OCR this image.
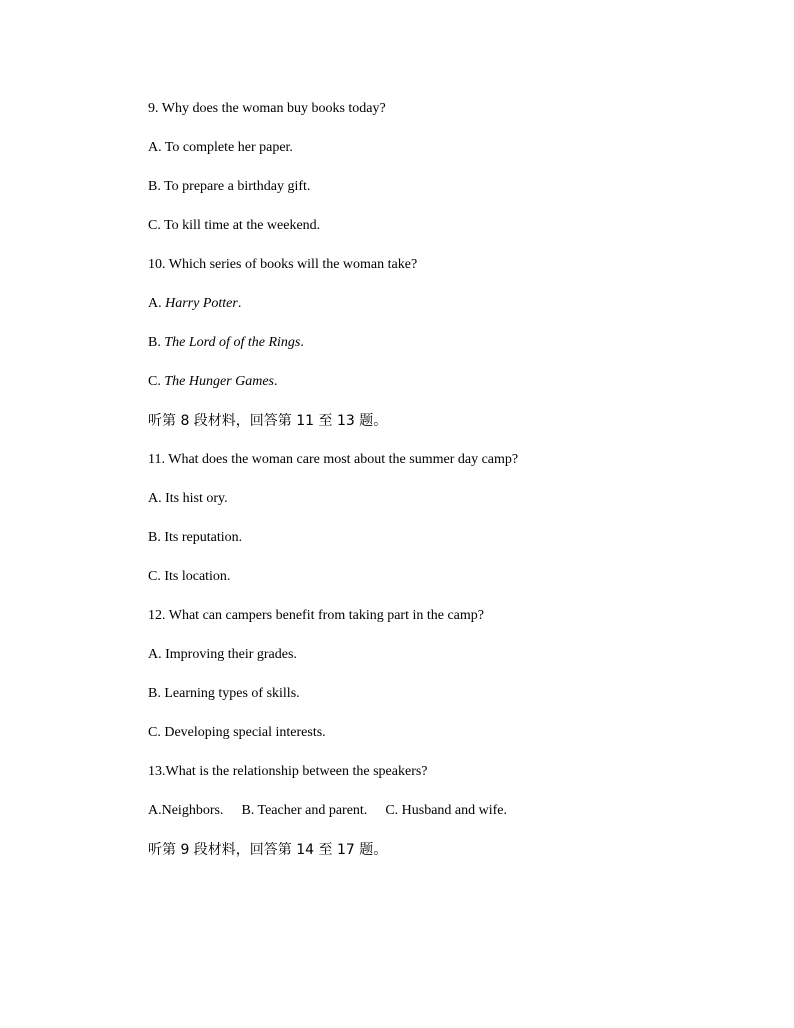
9. Why does the woman buy books today?
A. To complete her paper.
B. To prepare a birthday gift.
C. To kill time at the weekend.
10. Which series of books will the woman take?
A. Harry Potter.
B. The Lord of of the Rings.
C. The Hunger Games.
听第 8 段材料，回答第 11 至 13 题。
11. What does the woman care most about the summer day camp?
A. Its hist ory.
B. Its reputation.
C. Its location.
12. What can campers benefit from taking part in the camp?
A. Improving their grades.
B. Learning types of skills.
C. Developing special interests.
13.What is the relationship between the speakers?
A.Neighbors. B. Teacher and parent. C. Husband and wife.
听第 9 段材料，回答第 14 至 17 题。
